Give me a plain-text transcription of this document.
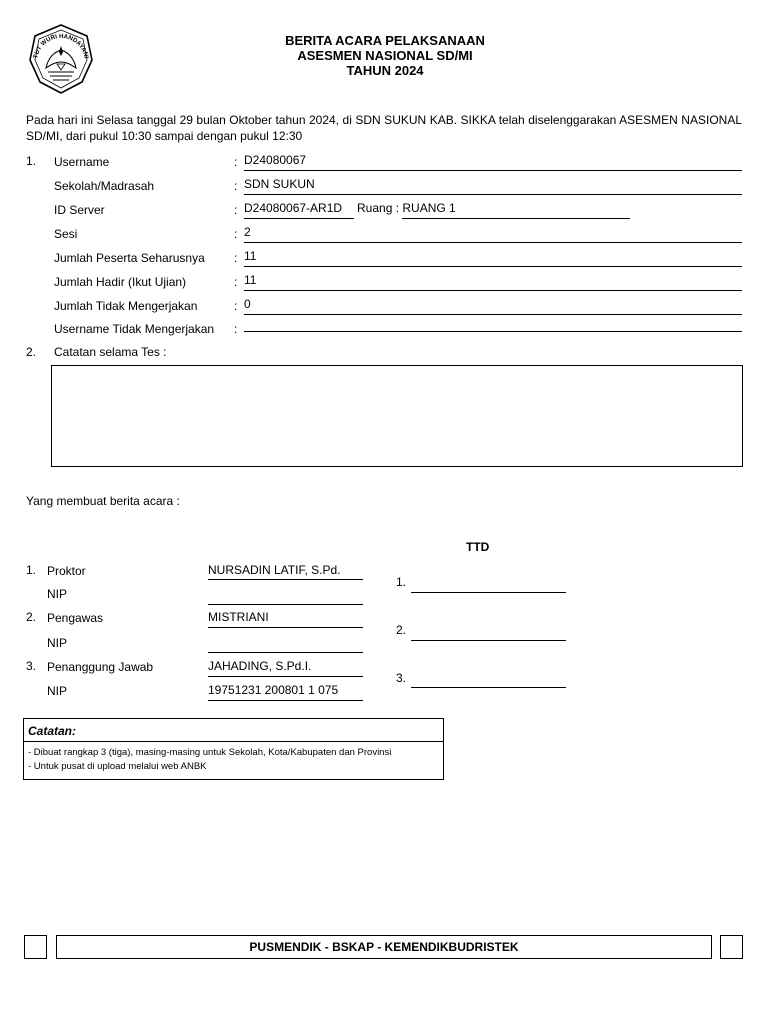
TUT WURI HANDAYANI
BERITA ACARA PELAKSANAAN
ASESMEN NASIONAL SD/MI
TAHUN 2024
Pada hari ini Selasa tanggal 29 bulan Oktober tahun 2024, di SDN SUKUN KAB. SIKKA telah diselenggarakan ASESMEN NASIONAL SD/MI, dari pukul 10:30 sampai dengan pukul 12:30
1. Username	: D24080067
Sekolah/Madrasah	: SDN SUKUN
ID Server	: D24080067-AR1D Ruang : RUANG 1
Sesi	: 2
Jumlah Peserta Seharusnya : 11
Jumlah Hadir (Ikut Ujian)	: 11
Jumlah Tidak Mengerjakan	: 0
Username Tidak Mengerjakan :
2. Catatan selama Tes :
Yang membuat berita acara :
TTD
1. Proktor	NURSADIN LATIF, S.Pd.
NIP
1.
2. Pengawas	MISTRIANI
NIP
2.
3. Penanggung Jawab	JAHADING, S.Pd.I.
NIP	19751231 200801 1 075
3.
Catatan:
- Dibuat rangkap 3 (tiga), masing-masing untuk Sekolah, Kota/Kabupaten dan Provinsi
- Untuk pusat di upload melalui web ANBK
PUSMENDIK - BSKAP - KEMENDIKBUDRISTEK
